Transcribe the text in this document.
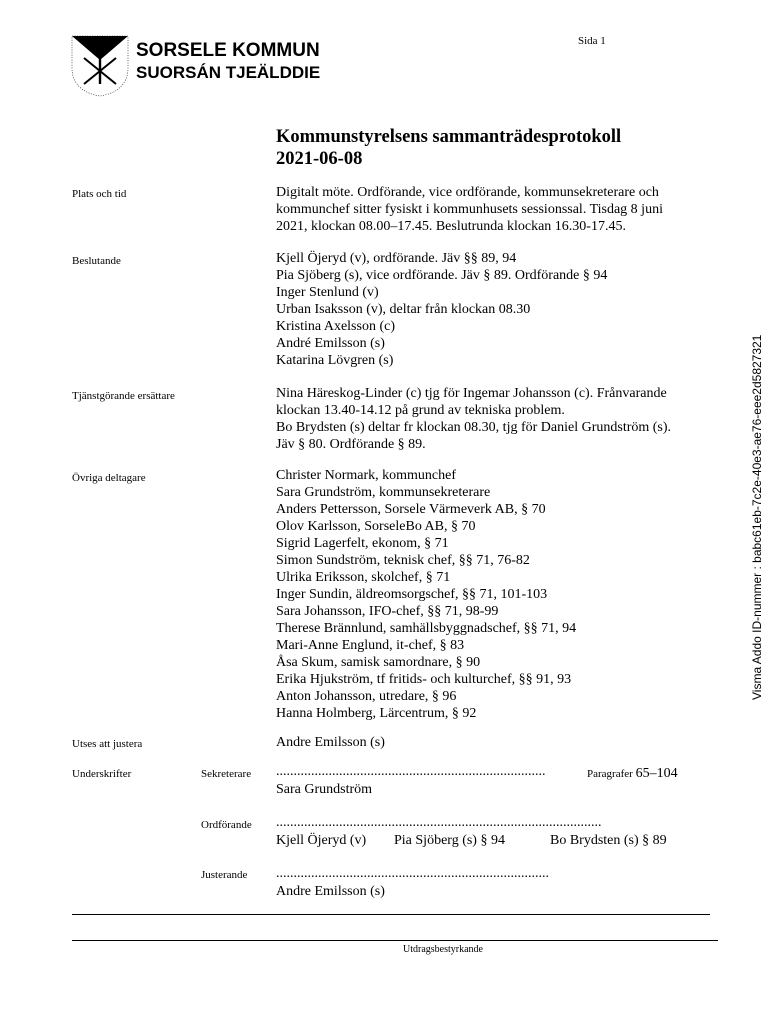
SORSELE KOMMUN
SUORSÁN TJEÄLDDIE
Sida 1
Visma Addo ID-nummer : babc61eb-7c2e-40e3-ae76-eee2d5827321
Kommunstyrelsens sammanträdesprotokoll
2021-06-08
Plats och tid	Digitalt möte. Ordförande, vice ordförande, kommunsekreterare och
kommunchef sitter fysiskt i kommunhusets sessionssal. Tisdag 8 juni
2021, klockan 08.00–17.45. Beslutrunda klockan 16.30-17.45.
Beslutande	Kjell Öjeryd (v), ordförande. Jäv §§ 89, 94
Pia Sjöberg (s), vice ordförande. Jäv § 89. Ordförande § 94
Inger Stenlund (v)
Urban Isaksson (v), deltar från klockan 08.30
Kristina Axelsson (c)
André Emilsson (s)
Katarina Lövgren (s)
Tjänstgörande ersättare	Nina Häreskog-Linder (c) tjg för Ingemar Johansson (c). Frånvarande
klockan 13.40-14.12 på grund av tekniska problem.
Bo Brydsten (s) deltar fr klockan 08.30, tjg för Daniel Grundström (s).
Jäv § 80. Ordförande § 89.
Övriga deltagare	Christer Normark, kommunchef
Sara Grundström, kommunsekreterare
Anders Pettersson, Sorsele Värmeverk AB, § 70
Olov Karlsson, SorseleBo AB, § 70
Sigrid Lagerfelt, ekonom, § 71
Simon Sundström, teknisk chef, §§ 71, 76-82
Ulrika Eriksson, skolchef, § 71
Inger Sundin, äldreomsorgschef, §§ 71, 101-103
Sara Johansson, IFO-chef, §§ 71, 98-99
Therese Brännlund, samhällsbyggnadschef, §§ 71, 94
Mari-Anne Englund, it-chef, § 83
Åsa Skum, samisk samordnare, § 90
Erika Hjukström, tf fritids- och kulturchef, §§ 91, 93
Anton Johansson, utredare, § 96
Hanna Holmberg, Lärcentrum, § 92
Utses att justera	Andre Emilsson (s)
Underskrifter	Sekreterare .............................................................................	Paragrafer 65–104
Sara Grundström
Ordförande .............................................................................................
Kjell Öjeryd (v) Pia Sjöberg (s) § 94	Bo Brydsten (s) § 89
Justerande ..............................................................................
Andre Emilsson (s)
Utdragsbestyrkande
